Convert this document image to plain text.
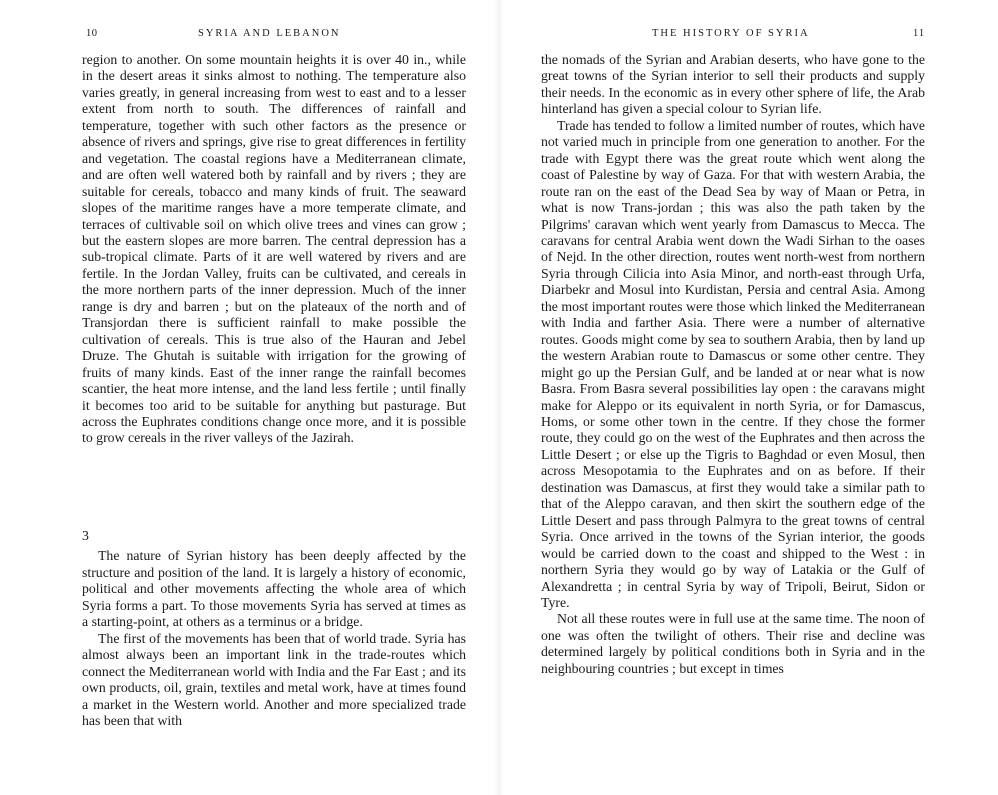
10	SYRIA AND LEBANON

region to another. On some mountain heights it is over 40 in., while in the desert areas it sinks almost to nothing. The temperature also varies greatly, in general increasing from west to east and to a lesser extent from north to south. The differences of rainfall and temperature, together with such other factors as the presence or absence of rivers and springs, give rise to great differences in fertility and vegetation. The coastal regions have a Mediterranean climate, and are often well watered both by rainfall and by rivers ; they are suitable for cereals, tobacco and many kinds of fruit. The seaward slopes of the maritime ranges have a more temperate climate, and terraces of cultivable soil on which olive trees and vines can grow ; but the eastern slopes are more barren. The central depression has a sub-tropical climate. Parts of it are well watered by rivers and are fertile. In the Jordan Valley, fruits can be cultivated, and cereals in the more northern parts of the inner depression. Much of the inner range is dry and barren ; but on the plateaux of the north and of Transjordan there is sufficient rainfall to make possible the cultivation of cereals. This is true also of the Hauran and Jebel Druze. The Ghutah is suitable with irrigation for the growing of fruits of many kinds. East of the inner range the rainfall becomes scantier, the heat more intense, and the land less fertile ; until finally it becomes too arid to be suitable for anything but pasturage. But across the Euphrates conditions change once more, and it is possible to grow cereals in the river valleys of the Jazirah.

3

The nature of Syrian history has been deeply affected by the structure and position of the land. It is largely a history of economic, political and other movements affecting the whole area of which Syria forms a part. To those movements Syria has served at times as a starting-point, at others as a terminus or a bridge.

The first of the movements has been that of world trade. Syria has almost always been an important link in the trade-routes which connect the Mediterranean world with India and the Far East ; and its own products, oil, grain, textiles and metal work, have at times found a market in the Western world. Another and more specialized trade has been that with

THE HISTORY OF SYRIA	11

the nomads of the Syrian and Arabian deserts, who have gone to the great towns of the Syrian interior to sell their products and supply their needs. In the economic as in every other sphere of life, the Arab hinterland has given a special colour to Syrian life.

Trade has tended to follow a limited number of routes, which have not varied much in principle from one generation to another. For the trade with Egypt there was the great route which went along the coast of Palestine by way of Gaza. For that with western Arabia, the route ran on the east of the Dead Sea by way of Maan or Petra, in what is now Trans-jordan ; this was also the path taken by the Pilgrims' caravan which went yearly from Damascus to Mecca. The caravans for central Arabia went down the Wadi Sirhan to the oases of Nejd. In the other direction, routes went north-west from northern Syria through Cilicia into Asia Minor, and north-east through Urfa, Diarbekr and Mosul into Kurdistan, Persia and central Asia. Among the most important routes were those which linked the Mediterranean with India and farther Asia. There were a number of alternative routes. Goods might come by sea to southern Arabia, then by land up the western Arabian route to Damascus or some other centre. They might go up the Persian Gulf, and be landed at or near what is now Basra. From Basra several possibilities lay open : the caravans might make for Aleppo or its equivalent in north Syria, or for Damascus, Homs, or some other town in the centre. If they chose the former route, they could go on the west of the Euphrates and then across the Little Desert ; or else up the Tigris to Baghdad or even Mosul, then across Mesopotamia to the Euphrates and on as before. If their destination was Damascus, at first they would take a similar path to that of the Aleppo caravan, and then skirt the southern edge of the Little Desert and pass through Palmyra to the great towns of central Syria. Once arrived in the towns of the Syrian interior, the goods would be carried down to the coast and shipped to the West : in northern Syria they would go by way of Latakia or the Gulf of Alexandretta ; in central Syria by way of Tripoli, Beirut, Sidon or Tyre.

Not all these routes were in full use at the same time. The noon of one was often the twilight of others. Their rise and decline was determined largely by political conditions both in Syria and in the neighbouring countries ; but except in times
